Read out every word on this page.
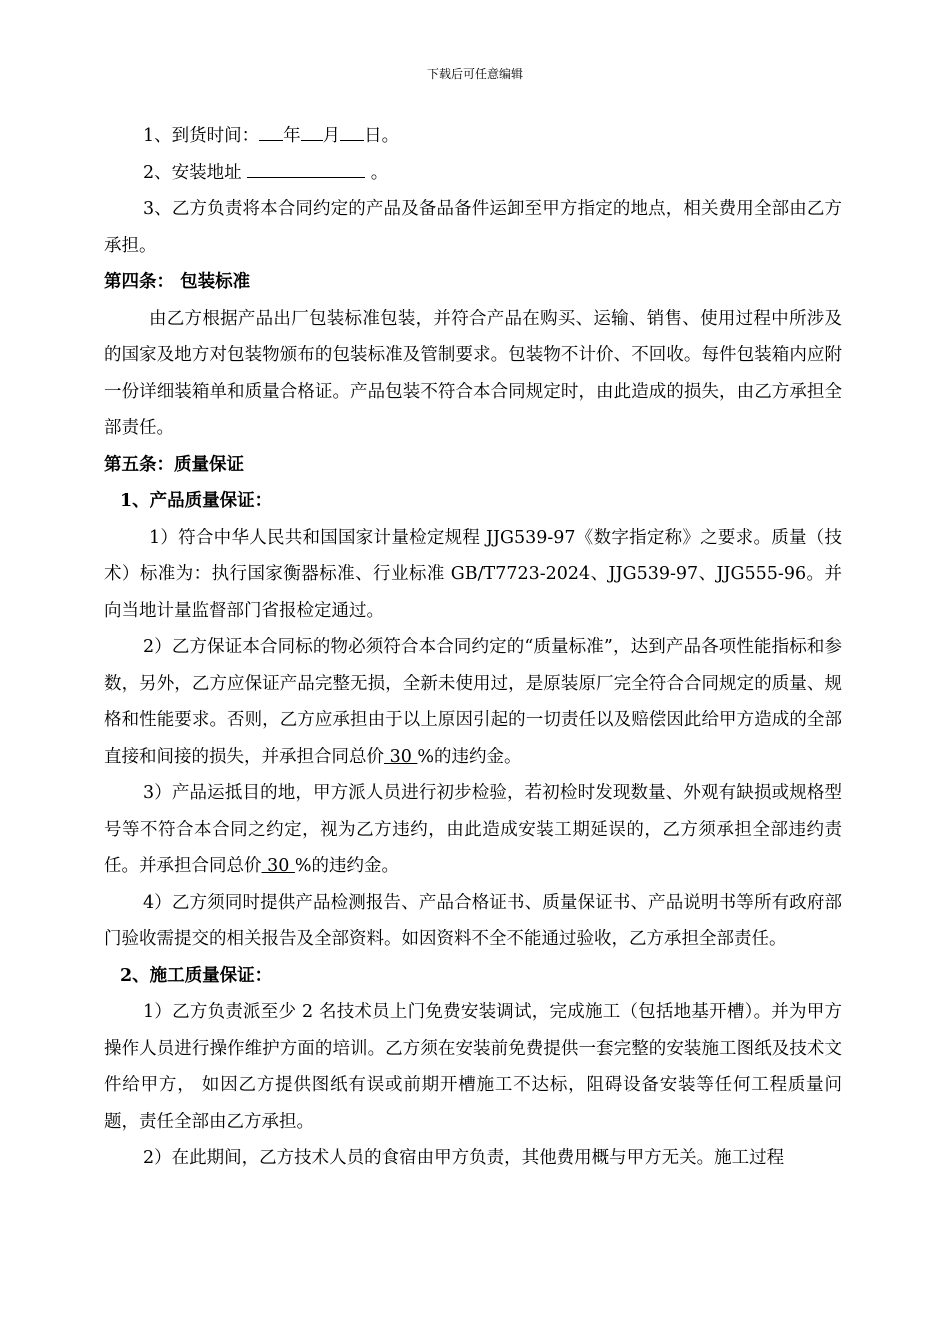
下载后可任意编辑

1、到货时间： 年 月 日。

2、安装地址	。

3、乙方负责将本合同约定的产品及备品备件运卸至甲方指定的地点，相关费用全部由乙方承担。

第四条： 包装标准

由乙方根据产品出厂包装标准包装，并符合产品在购买、运输、销售、使用过程中所涉及的国家及地方对包装物颁布的包装标准及管制要求。包装物不计价、不回收。每件包装箱内应附一份详细装箱单和质量合格证。产品包装不符合本合同规定时，由此造成的损失，由乙方承担全部责任。

第五条：质量保证

1、产品质量保证：

1）符合中华人民共和国国家计量检定规程 JJG539-97《数字指定称》之要求。质量（技术）标准为：执行国家衡器标准、行业标准 GB/T7723-2024、JJG539-97、JJG555-96。并向当地计量监督部门省报检定通过。

2）乙方保证本合同标的物必须符合本合同约定的“质量标准”，达到产品各项性能指标和参数，另外，乙方应保证产品完整无损，全新未使用过，是原装原厂完全符合合同规定的质量、规格和性能要求。否则，乙方应承担由于以上原因引起的一切责任以及赔偿因此给甲方造成的全部直接和间接的损失，并承担合同总价 30 %的违约金。

3）产品运抵目的地，甲方派人员进行初步检验，若初检时发现数量、外观有缺损或规格型号等不符合本合同之约定，视为乙方违约，由此造成安装工期延误的，乙方须承担全部违约责任。并承担合同总价 30 %的违约金。

4）乙方须同时提供产品检测报告、产品合格证书、质量保证书、产品说明书等所有政府部门验收需提交的相关报告及全部资料。如因资料不全不能通过验收，乙方承担全部责任。

2、施工质量保证：

1）乙方负责派至少 2 名技术员上门免费安装调试，完成施工（包括地基开槽）。并为甲方操作人员进行操作维护方面的培训。乙方须在安装前免费提供一套完整的安装施工图纸及技术文件给甲方， 如因乙方提供图纸有误或前期开槽施工不达标，阻碍设备安装等任何工程质量问题，责任全部由乙方承担。

2）在此期间，乙方技术人员的食宿由甲方负责，其他费用概与甲方无关。施工过程
